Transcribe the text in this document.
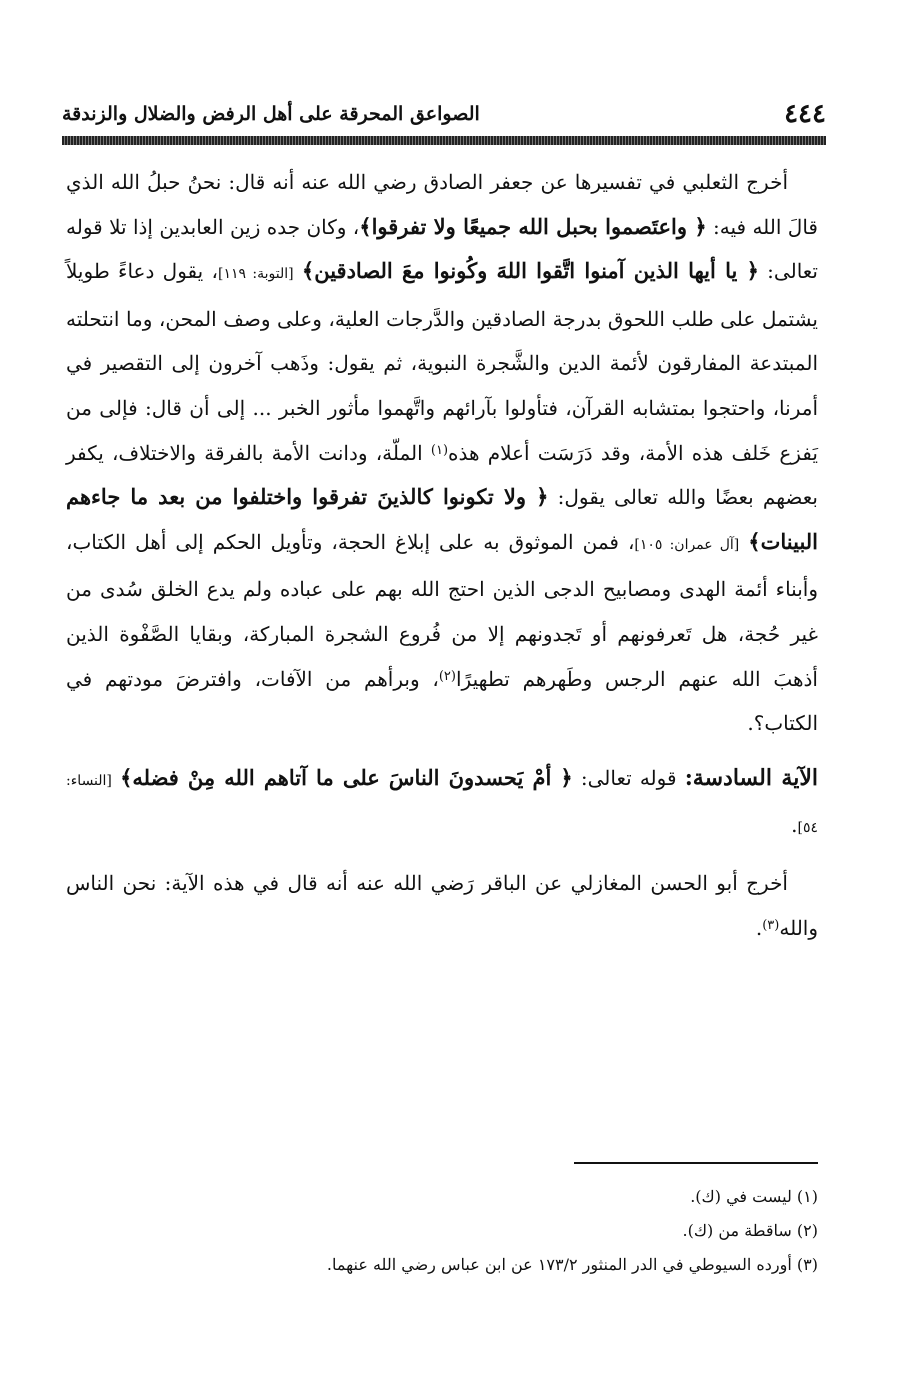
٤٤٤
الصواعق المحرقة على أهل الرفض والضلال والزندقة

أخرج الثعلبي في تفسيرها عن جعفر الصادق رضي الله عنه أنه قال: نحنُ حبلُ الله الذي قالَ الله فيه: ﴿ واعتَصموا بحبل الله جميعًا ولا تفرقوا﴾، وكان جده زين العابدين إذا تلا قوله تعالى: ﴿ يا أيها الذين آمنوا اتَّقوا اللهَ وكُونوا معَ الصادقين﴾ [التوبة: ١١٩]، يقول دعاءً طويلاً يشتمل على طلب اللحوق بدرجة الصادقين والدَّرجات العلية، وعلى وصف المحن، وما انتحلته المبتدعة المفارقون لأئمة الدين والشَّجرة النبوية، ثم يقول: وذَهب آخرون إلى التقصير في أمرنا، واحتجوا بمتشابه القرآن، فتأولوا بآرائهم واتَّهموا مأثور الخبر ... إلى أن قال: فإلى من يَفزع خَلف هذه الأمة، وقد دَرَسَت أعلام هذه$^{(١)}$ الملّة، ودانت الأمة بالفرقة والاختلاف، يكفر بعضهم بعضًا والله تعالى يقول: ﴿ ولا تكونوا كالذينَ تفرقوا واختلفوا من بعد ما جاءهم البينات﴾ [آل عمران: ١٠٥]، فمن الموثوق به على إبلاغ الحجة، وتأويل الحكم إلى أهل الكتاب، وأبناء أئمة الهدى ومصابيح الدجى الذين احتج الله بهم على عباده ولم يدع الخلق سُدى من غير حُجة، هل تَعرفونهم أو تَجدونهم إلا من فُروع الشجرة المباركة، وبقايا الصَّفْوة الذين أذهبَ الله عنهم الرجس وطَهرهم تطهيرًا$^{(٢)}$، وبرأهم من الآفات، وافترضَ مودتهم في الكتاب؟.

الآية السادسة: قوله تعالى: ﴿ أمْ يَحسدونَ الناسَ على ما آتاهم الله مِنْ فضله﴾ [النساء: ٥٤].

أخرج أبو الحسن المغازلي عن الباقر رَضي الله عنه أنه قال في هذه الآية: نحن الناس والله$^{(٣)}$.

(١) ليست في (ك).
(٢) ساقطة من (ك).
(٣) أورده السيوطي في الدر المنثور ١٧٣/٢ عن ابن عباس رضي الله عنهما.
